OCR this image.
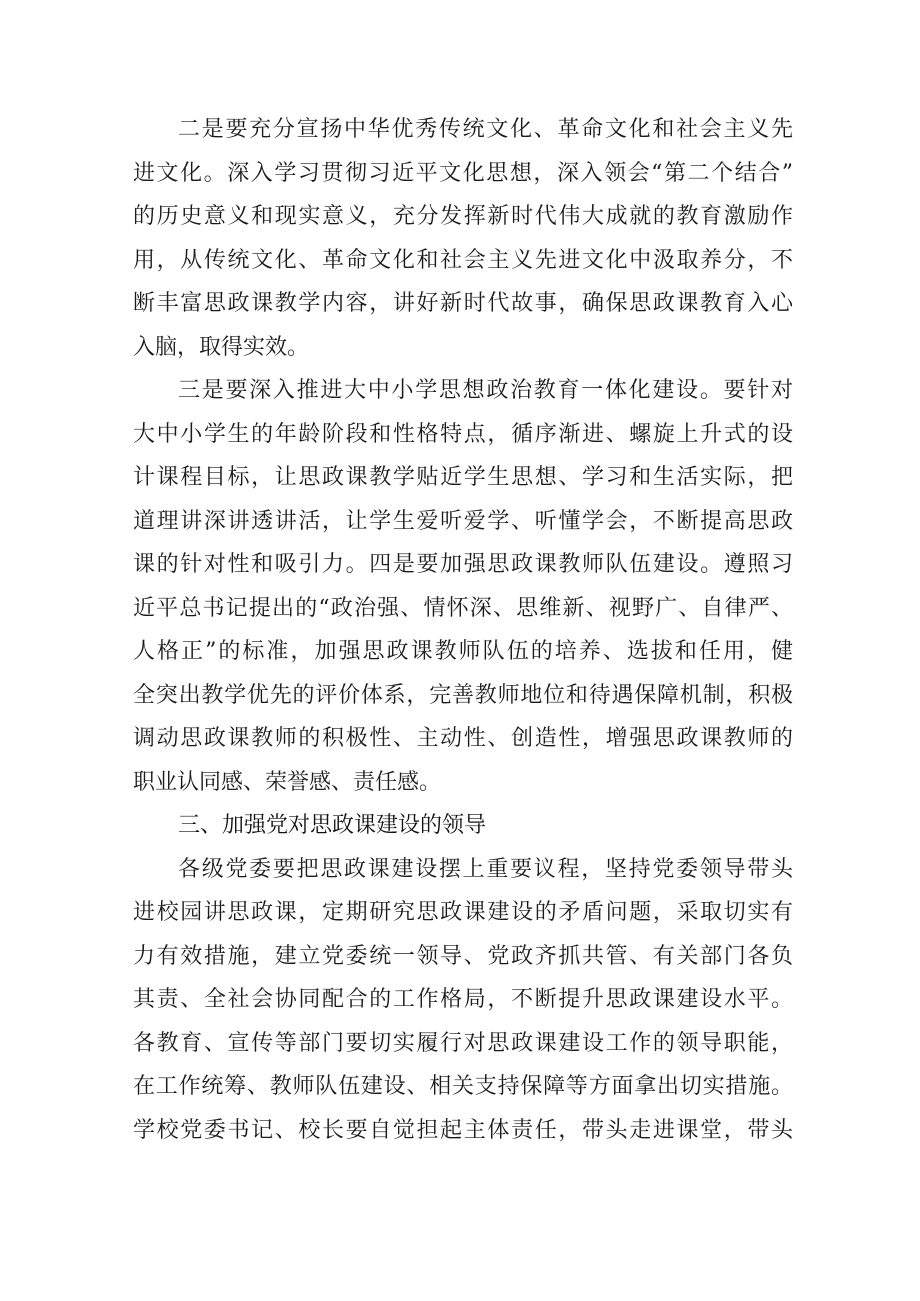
二是要充分宣扬中华优秀传统文化、革命文化和社会主义先
进文化。深入学习贯彻习近平文化思想，深入领会“第二个结合”
的历史意义和现实意义，充分发挥新时代伟大成就的教育激励作
用，从传统文化、革命文化和社会主义先进文化中汲取养分，不
断丰富思政课教学内容，讲好新时代故事，确保思政课教育入心
入脑，取得实效。
三是要深入推进大中小学思想政治教育一体化建设。要针对
大中小学生的年龄阶段和性格特点，循序渐进、螺旋上升式的设
计课程目标，让思政课教学贴近学生思想、学习和生活实际，把
道理讲深讲透讲活，让学生爱听爱学、听懂学会，不断提高思政
课的针对性和吸引力。四是要加强思政课教师队伍建设。遵照习
近平总书记提出的“政治强、情怀深、思维新、视野广、自律严、
人格正”的标准，加强思政课教师队伍的培养、选拔和任用，健
全突出教学优先的评价体系，完善教师地位和待遇保障机制，积极
调动思政课教师的积极性、主动性、创造性，增强思政课教师的
职业认同感、荣誉感、责任感。
三、加强党对思政课建设的领导
各级党委要把思政课建设摆上重要议程，坚持党委领导带头
进校园讲思政课，定期研究思政课建设的矛盾问题，采取切实有
力有效措施，建立党委统一领导、党政齐抓共管、有关部门各负
其责、全社会协同配合的工作格局，不断提升思政课建设水平。
各教育、宣传等部门要切实履行对思政课建设工作的领导职能，
在工作统筹、教师队伍建设、相关支持保障等方面拿出切实措施。
学校党委书记、校长要自觉担起主体责任，带头走进课堂，带头
